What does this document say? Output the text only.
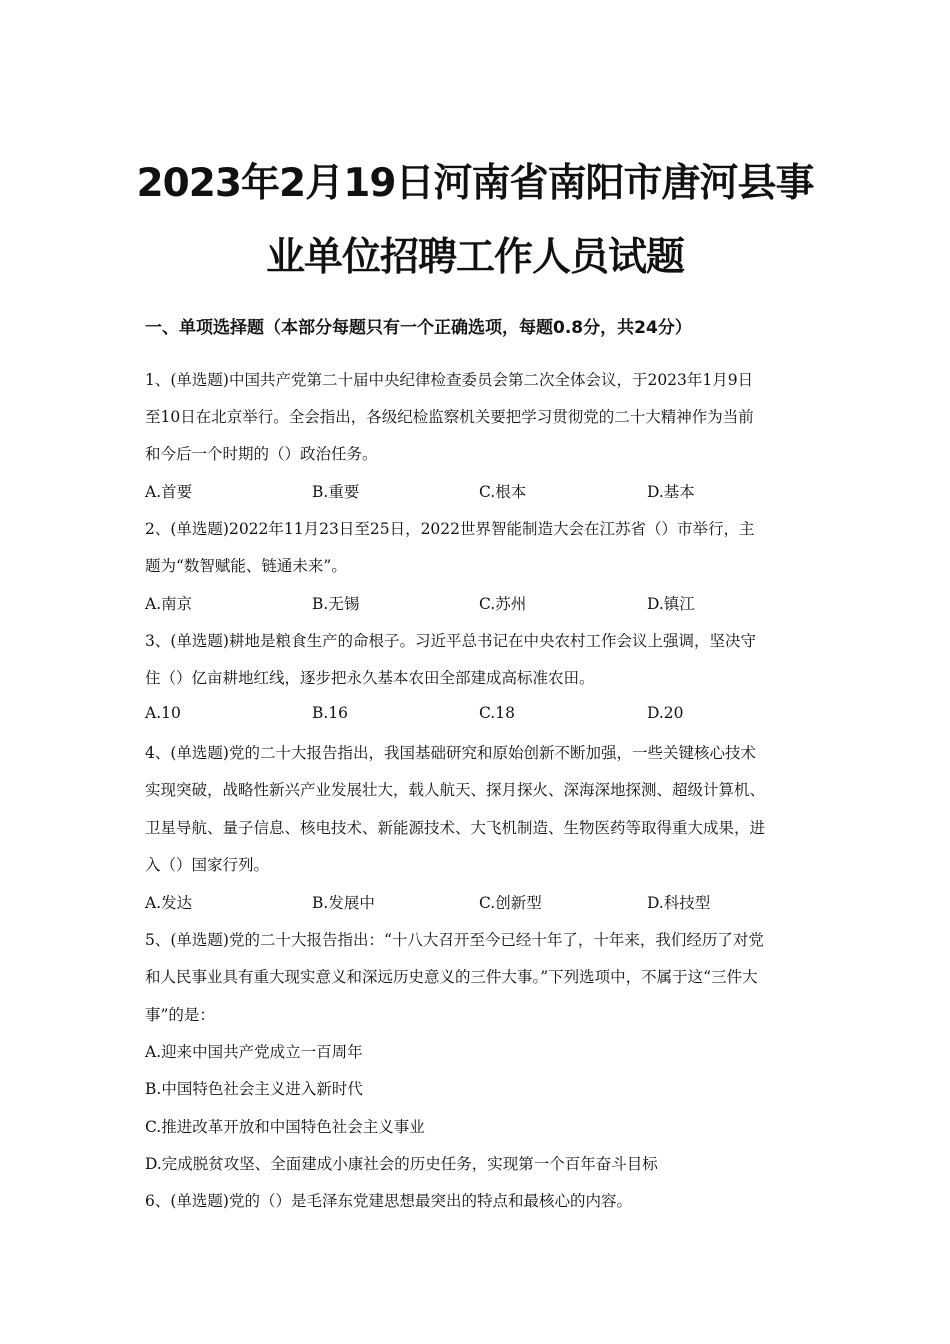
2023年2月19日河南省南阳市唐河县事
业单位招聘工作人员试题
一、单项选择题（本部分每题只有一个正确选项，每题0.8分，共24分）
1、(单选题)中国共产党第二十届中央纪律检查委员会第二次全体会议，于2023年1月9日
至10日在北京举行。全会指出，各级纪检监察机关要把学习贯彻党的二十大精神作为当前
和今后一个时期的（）政治任务。
A.首要	B.重要	C.根本	D.基本
2、(单选题)2022年11月23日至25日，2022世界智能制造大会在江苏省（）市举行，主
题为“数智赋能、链通未来”。
A.南京	B.无锡	C.苏州	D.镇江
3、(单选题)耕地是粮食生产的命根子。习近平总书记在中央农村工作会议上强调，坚决守
住（）亿亩耕地红线，逐步把永久基本农田全部建成高标准农田。
A.10	B.16	C.18	D.20
4、(单选题)党的二十大报告指出，我国基础研究和原始创新不断加强，一些关键核心技术
实现突破，战略性新兴产业发展壮大，载人航天、探月探火、深海深地探测、超级计算机、
卫星导航、量子信息、核电技术、新能源技术、大飞机制造、生物医药等取得重大成果，进
入（）国家行列。
A.发达	B.发展中	C.创新型	D.科技型
5、(单选题)党的二十大报告指出：“十八大召开至今已经十年了，十年来，我们经历了对党
和人民事业具有重大现实意义和深远历史意义的三件大事。”下列选项中，不属于这“三件大
事”的是：
A.迎来中国共产党成立一百周年
B.中国特色社会主义进入新时代
C.推进改革开放和中国特色社会主义事业
D.完成脱贫攻坚、全面建成小康社会的历史任务，实现第一个百年奋斗目标
6、(单选题)党的（）是毛泽东党建思想最突出的特点和最核心的内容。
